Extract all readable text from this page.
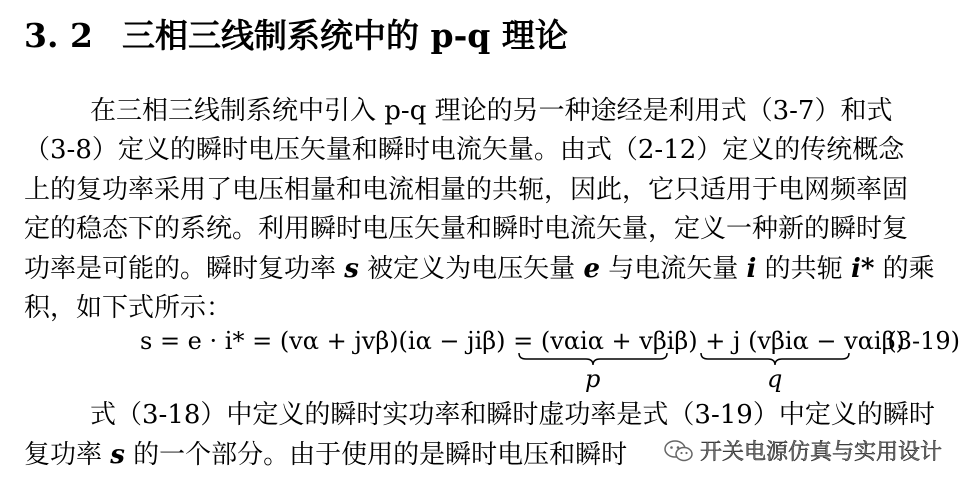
3. 2 三相三线制系统中的 p-q 理论
在三相三线制系统中引入 p-q 理论的另一种途经是利用式（3-7）和式
（3-8）定义的瞬时电压矢量和瞬时电流矢量。由式（2-12）定义的传统概念
上的复功率采用了电压相量和电流相量的共轭，因此，它只适用于电网频率固
定的稳态下的系统。利用瞬时电压矢量和瞬时电流矢量，定义一种新的瞬时复
功率是可能的。瞬时复功率 s 被定义为电压矢量 e 与电流矢量 i 的共轭 i* 的乘
积，如下式所示：
s = e · i* = (vα + jvβ)(iα − jiβ) = (vαiα + vβiβ) + j (vβiα − vαiβ)
(3-19)
p	q
式（3-18）中定义的瞬时实功率和瞬时虚功率是式（3-19）中定义的瞬时
复功率 s 的一个部分。由于使用的是瞬时电压和瞬时	开关电源仿真与实用设计
